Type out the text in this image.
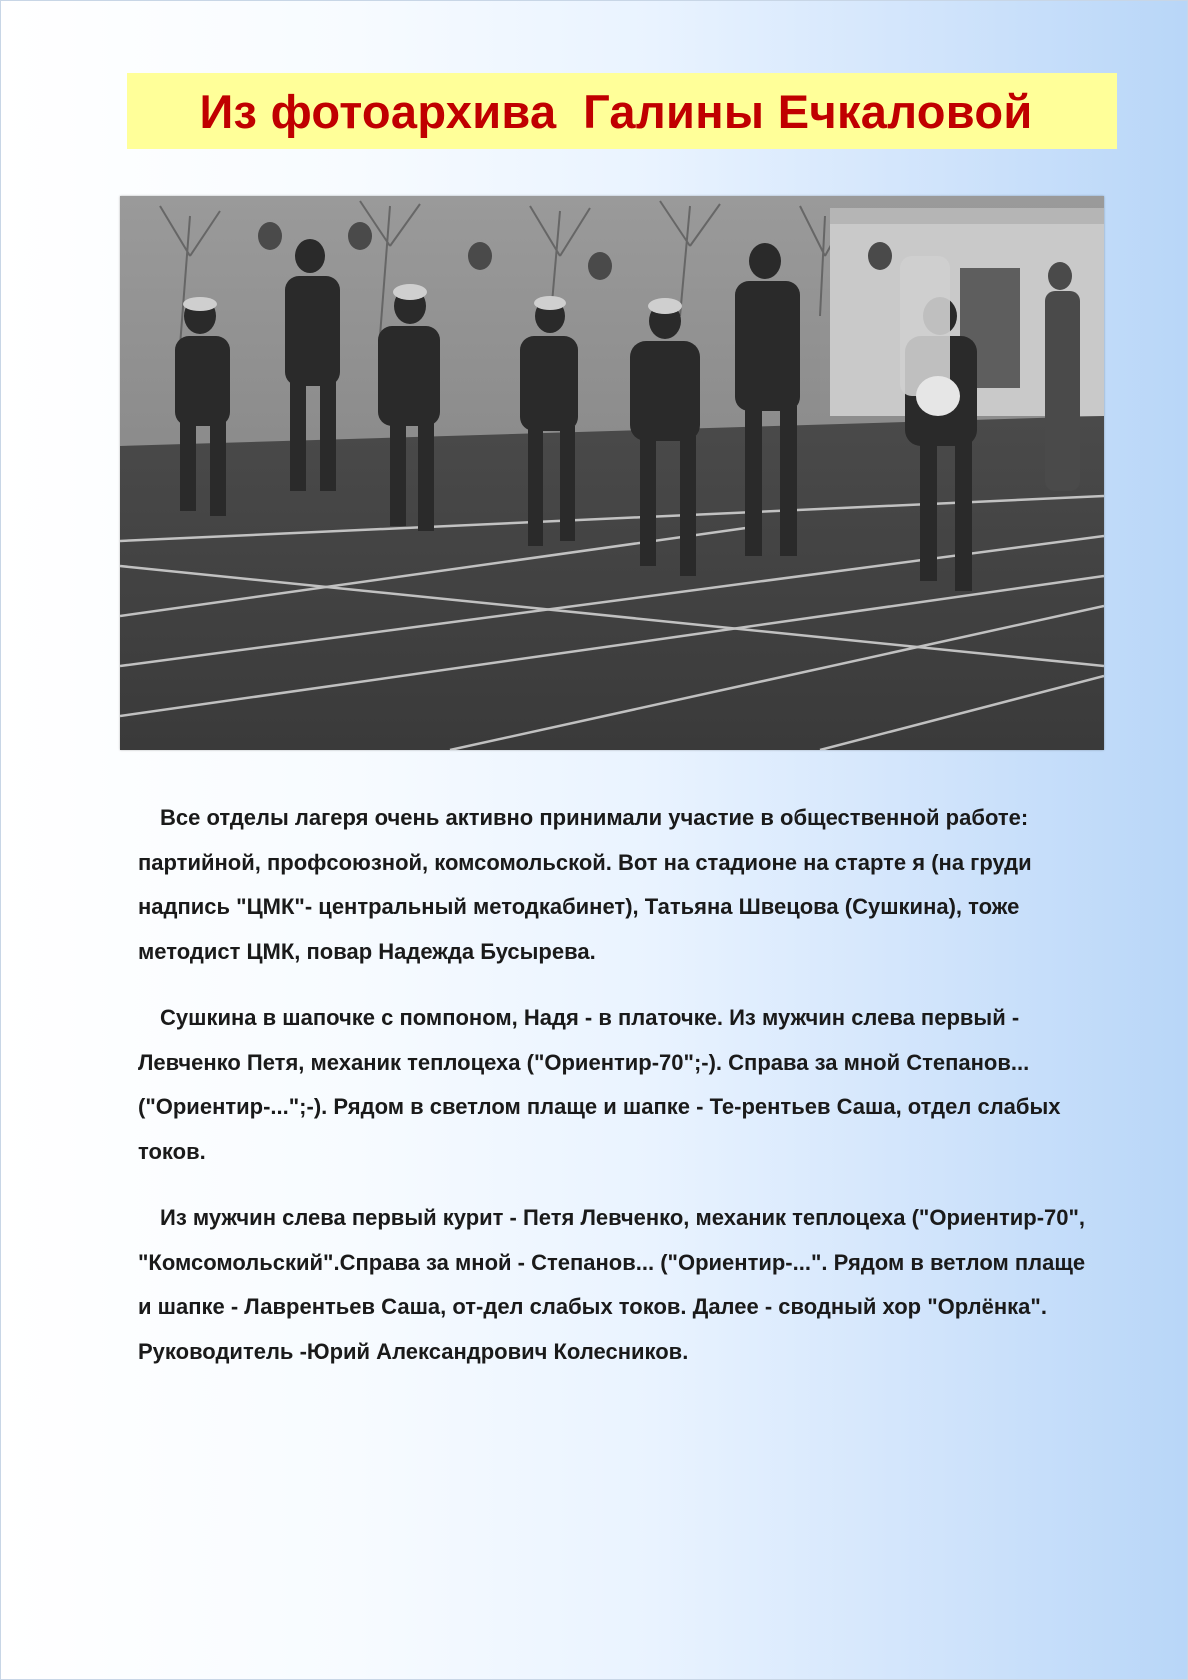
Из фотоархива  Галины Ечкаловой

Все отделы лагеря очень активно принимали участие в общественной работе: партийной, профсоюзной, комсомольской. Вот на стадионе на старте я (на груди надпись "ЦМК"- центральный методкабинет), Татьяна Швецова (Сушкина), тоже методист ЦМК, повар Надежда Бусырева.

Сушкина в шапочке с помпоном, Надя - в платочке. Из мужчин слева первый - Левченко Петя, механик теплоцеха ("Ориентир-70";-). Справа за мной Степанов...("Ориентир-...";-). Рядом в светлом плаще и шапке - Те-рентьев Саша, отдел слабых токов.

Из мужчин слева первый курит - Петя Левченко, механик теплоцеха ("Ориентир-70", "Комсомольский".Справа за мной - Степанов... ("Ориентир-...". Рядом в ветлом плаще и шапке - Лаврентьев Саша, от-дел слабых токов. Далее - сводный хор "Орлёнка". Руководитель -Юрий Александрович Колесников.
